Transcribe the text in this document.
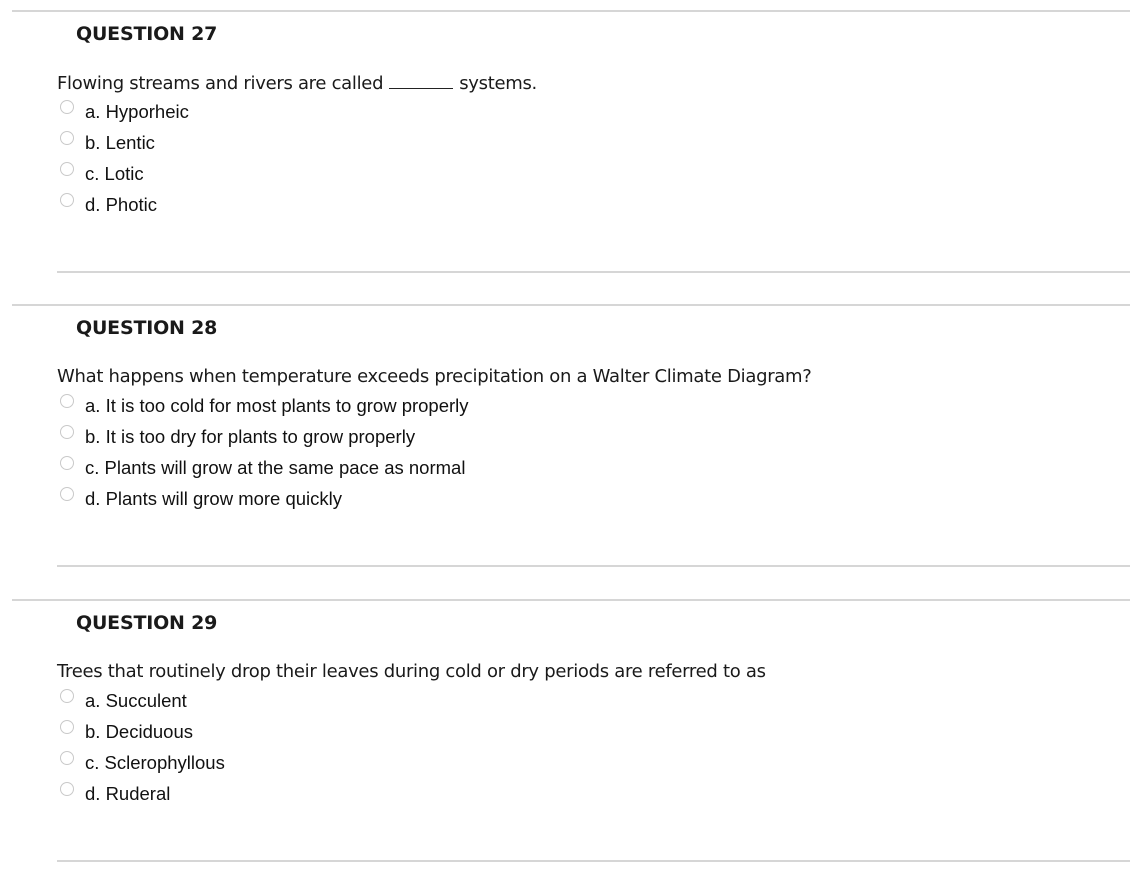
QUESTION 27
Flowing streams and rivers are called	systems.
a. Hyporheic
b. Lentic
c. Lotic
d. Photic
QUESTION 28
What happens when temperature exceeds precipitation on a Walter Climate Diagram?
a. It is too cold for most plants to grow properly
b. It is too dry for plants to grow properly
c. Plants will grow at the same pace as normal
d. Plants will grow more quickly
QUESTION 29
Trees that routinely drop their leaves during cold or dry periods are referred to as
a. Succulent
b. Deciduous
c. Sclerophyllous
d. Ruderal
